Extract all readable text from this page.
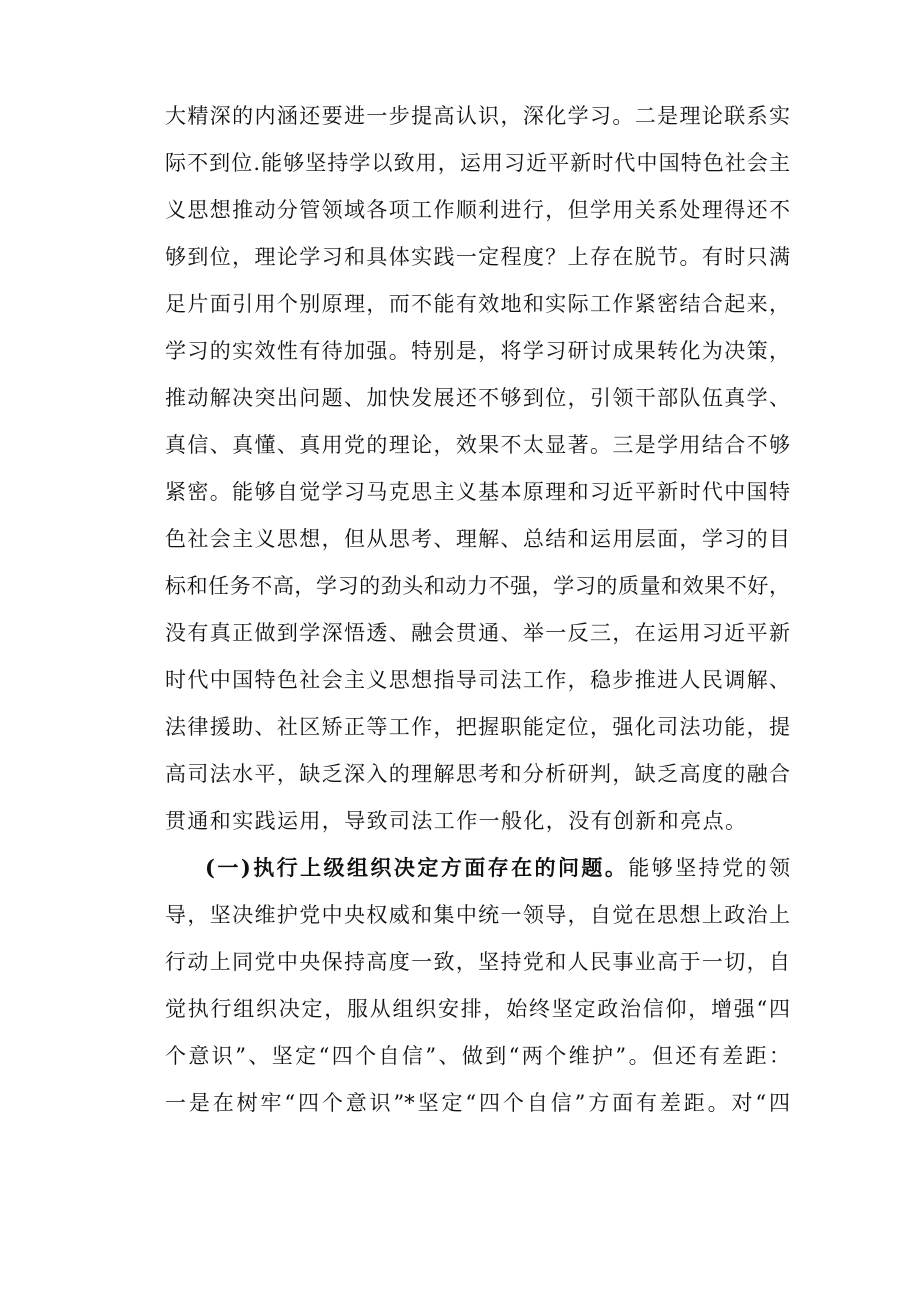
大精深的内涵还要进一步提高认识，深化学习。二是理论联系实
际不到位.能够坚持学以致用，运用习近平新时代中国特色社会主
义思想推动分管领域各项工作顺利进行，但学用关系处理得还不
够到位，理论学习和具体实践一定程度？上存在脱节。有时只满
足片面引用个别原理，而不能有效地和实际工作紧密结合起来，
学习的实效性有待加强。特别是，将学习研讨成果转化为决策，
推动解决突出问题、加快发展还不够到位，引领干部队伍真学、
真信、真懂、真用党的理论，效果不太显著。三是学用结合不够
紧密。能够自觉学习马克思主义基本原理和习近平新时代中国特
色社会主义思想，但从思考、理解、总结和运用层面，学习的目
标和任务不高，学习的劲头和动力不强，学习的质量和效果不好，
没有真正做到学深悟透、融会贯通、举一反三，在运用习近平新
时代中国特色社会主义思想指导司法工作，稳步推进人民调解、
法律援助、社区矫正等工作，把握职能定位，强化司法功能，提
高司法水平，缺乏深入的理解思考和分析研判，缺乏高度的融合
贯通和实践运用，导致司法工作一般化，没有创新和亮点。
(一)执行上级组织决定方面存在的问题。能够坚持党的领
导，坚决维护党中央权威和集中统一领导，自觉在思想上政治上
行动上同党中央保持高度一致，坚持党和人民事业高于一切，自
觉执行组织决定，服从组织安排，始终坚定政治信仰，增强“四
个意识”、坚定“四个自信”、做到“两个维护”。但还有差距：
一是在树牢“四个意识”*坚定“四个自信”方面有差距。对“四
